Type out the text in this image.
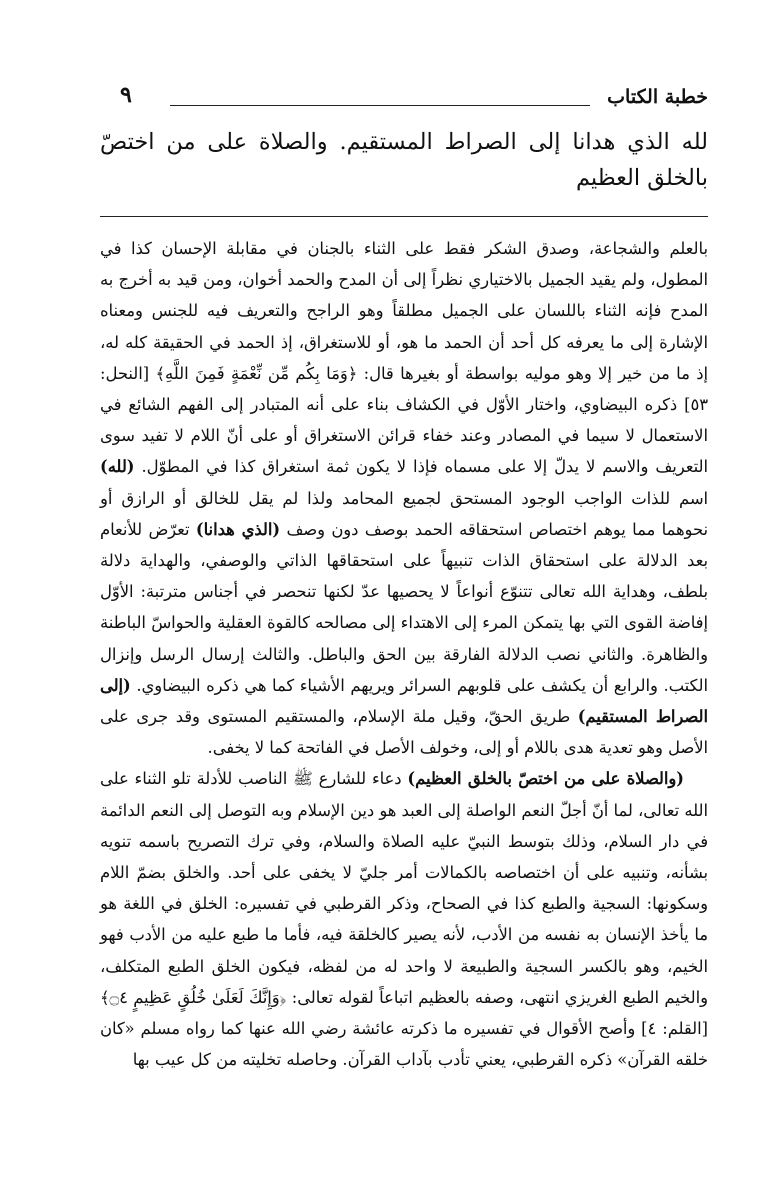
خطبة الكتاب
٩
لله الذي هدانا إلى الصراط المستقيم. والصلاة على من اختصّ بالخلق العظيم

بالعلم والشجاعة، وصدق الشكر فقط على الثناء بالجنان في مقابلة الإحسان كذا في المطول، ولم يقيد الجميل بالاختياري نظراً إلى أن المدح والحمد أخوان، ومن قيد به أخرج به المدح فإنه الثناء باللسان على الجميل مطلقاً وهو الراجح والتعريف فيه للجنس ومعناه الإشارة إلى ما يعرفه كل أحد أن الحمد ما هو، أو للاستغراق، إذ الحمد في الحقيقة كله له، إذ ما من خير إلا وهو موليه بواسطة أو بغيرها قال: ﴿وَمَا بِكُم مِّن نِّعْمَةٍ فَمِنَ اللَّهِ﴾ [النحل: ٥٣] ذكره البيضاوي، واختار الأوّل في الكشاف بناء على أنه المتبادر إلى الفهم الشائع في الاستعمال لا سيما في المصادر وعند خفاء قرائن الاستغراق أو على أنّ اللام لا تفيد سوى التعريف والاسم لا يدلّ إلا على مسماه فإذا لا يكون ثمة استغراق كذا في المطوّل. (لله) اسم للذات الواجب الوجود المستحق لجميع المحامد ولذا لم يقل للخالق أو الرازق أو نحوهما مما يوهم اختصاص استحقاقه الحمد بوصف دون وصف (الذي هدانا) تعرّض للأنعام بعد الدلالة على استحقاق الذات تنبيهاً على استحقاقها الذاتي والوصفي، والهداية دلالة بلطف، وهداية الله تعالى تتنوّع أنواعاً لا يحصيها عدّ لكنها تنحصر في أجناس مترتبة: الأوّل إفاضة القوى التي بها يتمكن المرء إلى الاهتداء إلى مصالحه كالقوة العقلية والحواسّ الباطنة والظاهرة. والثاني نصب الدلالة الفارقة بين الحق والباطل. والثالث إرسال الرسل وإنزال الكتب. والرابع أن يكشف على قلوبهم السرائر ويريهم الأشياء كما هي ذكره البيضاوي. (إلى الصراط المستقيم) طريق الحقّ، وقيل ملة الإسلام، والمستقيم المستوى وقد جرى على الأصل وهو تعدية هدى باللام أو إلى، وخولف الأصل في الفاتحة كما لا يخفى.

(والصلاة على من اختصّ بالخلق العظيم) دعاء للشارع ﷺ الناصب للأدلة تلو الثناء على الله تعالى، لما أنّ أجلّ النعم الواصلة إلى العبد هو دين الإسلام وبه التوصل إلى النعم الدائمة في دار السلام، وذلك بتوسط النبيّ عليه الصلاة والسلام، وفي ترك التصريح باسمه تنويه بشأنه، وتنبيه على أن اختصاصه بالكمالات أمر جليّ لا يخفى على أحد. والخلق بضمّ اللام وسكونها: السجية والطبع كذا في الصحاح، وذكر القرطبي في تفسيره: الخلق في اللغة هو ما يأخذ الإنسان به نفسه من الأدب، لأنه يصير كالخلقة فيه، فأما ما طبع عليه من الأدب فهو الخيم، وهو بالكسر السجية والطبيعة لا واحد له من لفظه، فيكون الخلق الطبع المتكلف، والخيم الطبع الغريزي انتهى، وصفه بالعظيم اتباعاً لقوله تعالى: ﴿وَإِنَّكَ لَعَلَىٰ خُلُقٍ عَظِيمٍ ۝٤﴾ [القلم: ٤] وأصح الأقوال في تفسيره ما ذكرته عائشة رضي الله عنها كما رواه مسلم «كان خلقه القرآن» ذكره القرطبي، يعني تأدب بآداب القرآن. وحاصله تخليته من كل عيب بها
